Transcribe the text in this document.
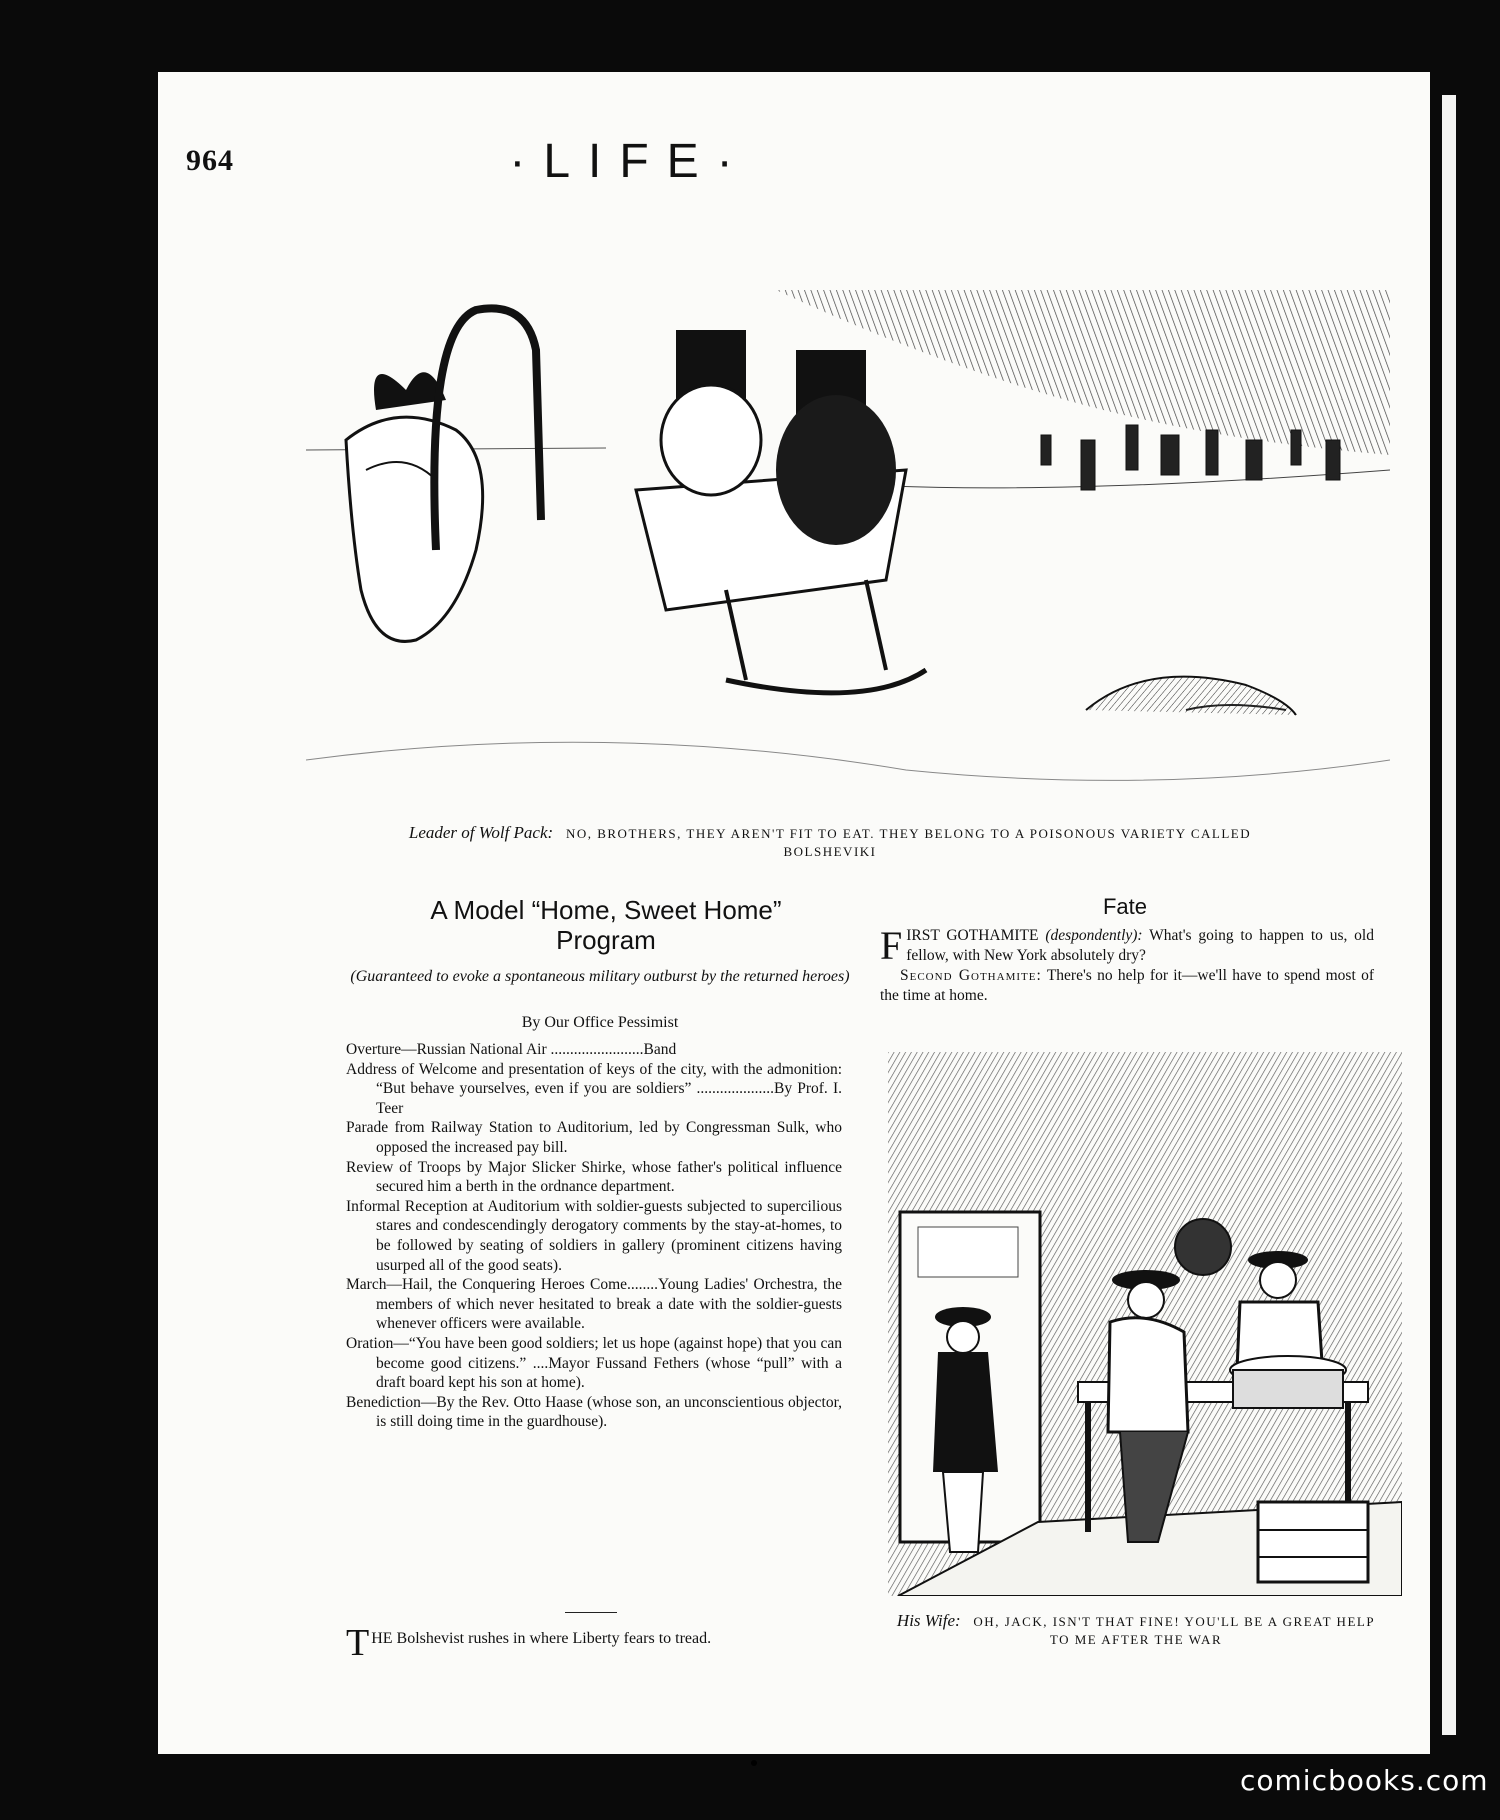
964	·LIFE·
Leader of Wolf Pack: NO, BROTHERS, THEY AREN'T FIT TO EAT. THEY BELONG TO A POISONOUS VARIETY CALLED BOLSHEVIKI
A Model “Home, Sweet Home”
Program
(Guaranteed to evoke a spontaneous military outburst by the returned heroes)
By Our Office Pessimist
Overture—Russian National Air ........................Band
Address of Welcome and presentation of keys of the city, with the admonition: “But behave yourselves, even if you are soldiers” ....................By Prof. I. Teer
Parade from Railway Station to Auditorium, led by Congressman Sulk, who opposed the increased pay bill.
Review of Troops by Major Slicker Shirke, whose father's political influence secured him a berth in the ordnance department.
Informal Reception at Auditorium with soldier-guests subjected to supercilious stares and condescendingly derogatory comments by the stay-at-homes, to be followed by seating of soldiers in gallery (prominent citizens having usurped all of the good seats).
March—Hail, the Conquering Heroes Come........Young Ladies' Orchestra, the members of which never hesitated to break a date with the soldier-guests whenever officers were available.
Oration—“You have been good soldiers; let us hope (against hope) that you can become good citizens.” ....Mayor Fussand Fethers (whose “pull” with a draft board kept his son at home).
Benediction—By the Rev. Otto Haase (whose son, an unconscientious objector, is still doing time in the guardhouse).
T HE Bolshevist rushes in where Liberty fears to tread.
Fate
F IRST GOTHAMITE (despondently): What's going to happen to us, old fellow, with New York absolutely dry?
Second Gothamite: There's no help for it—we'll have to spend most of the time at home.
His Wife: OH, JACK, ISN'T THAT FINE! YOU'LL BE A GREAT HELP TO ME AFTER THE WAR
comicbooks.com
